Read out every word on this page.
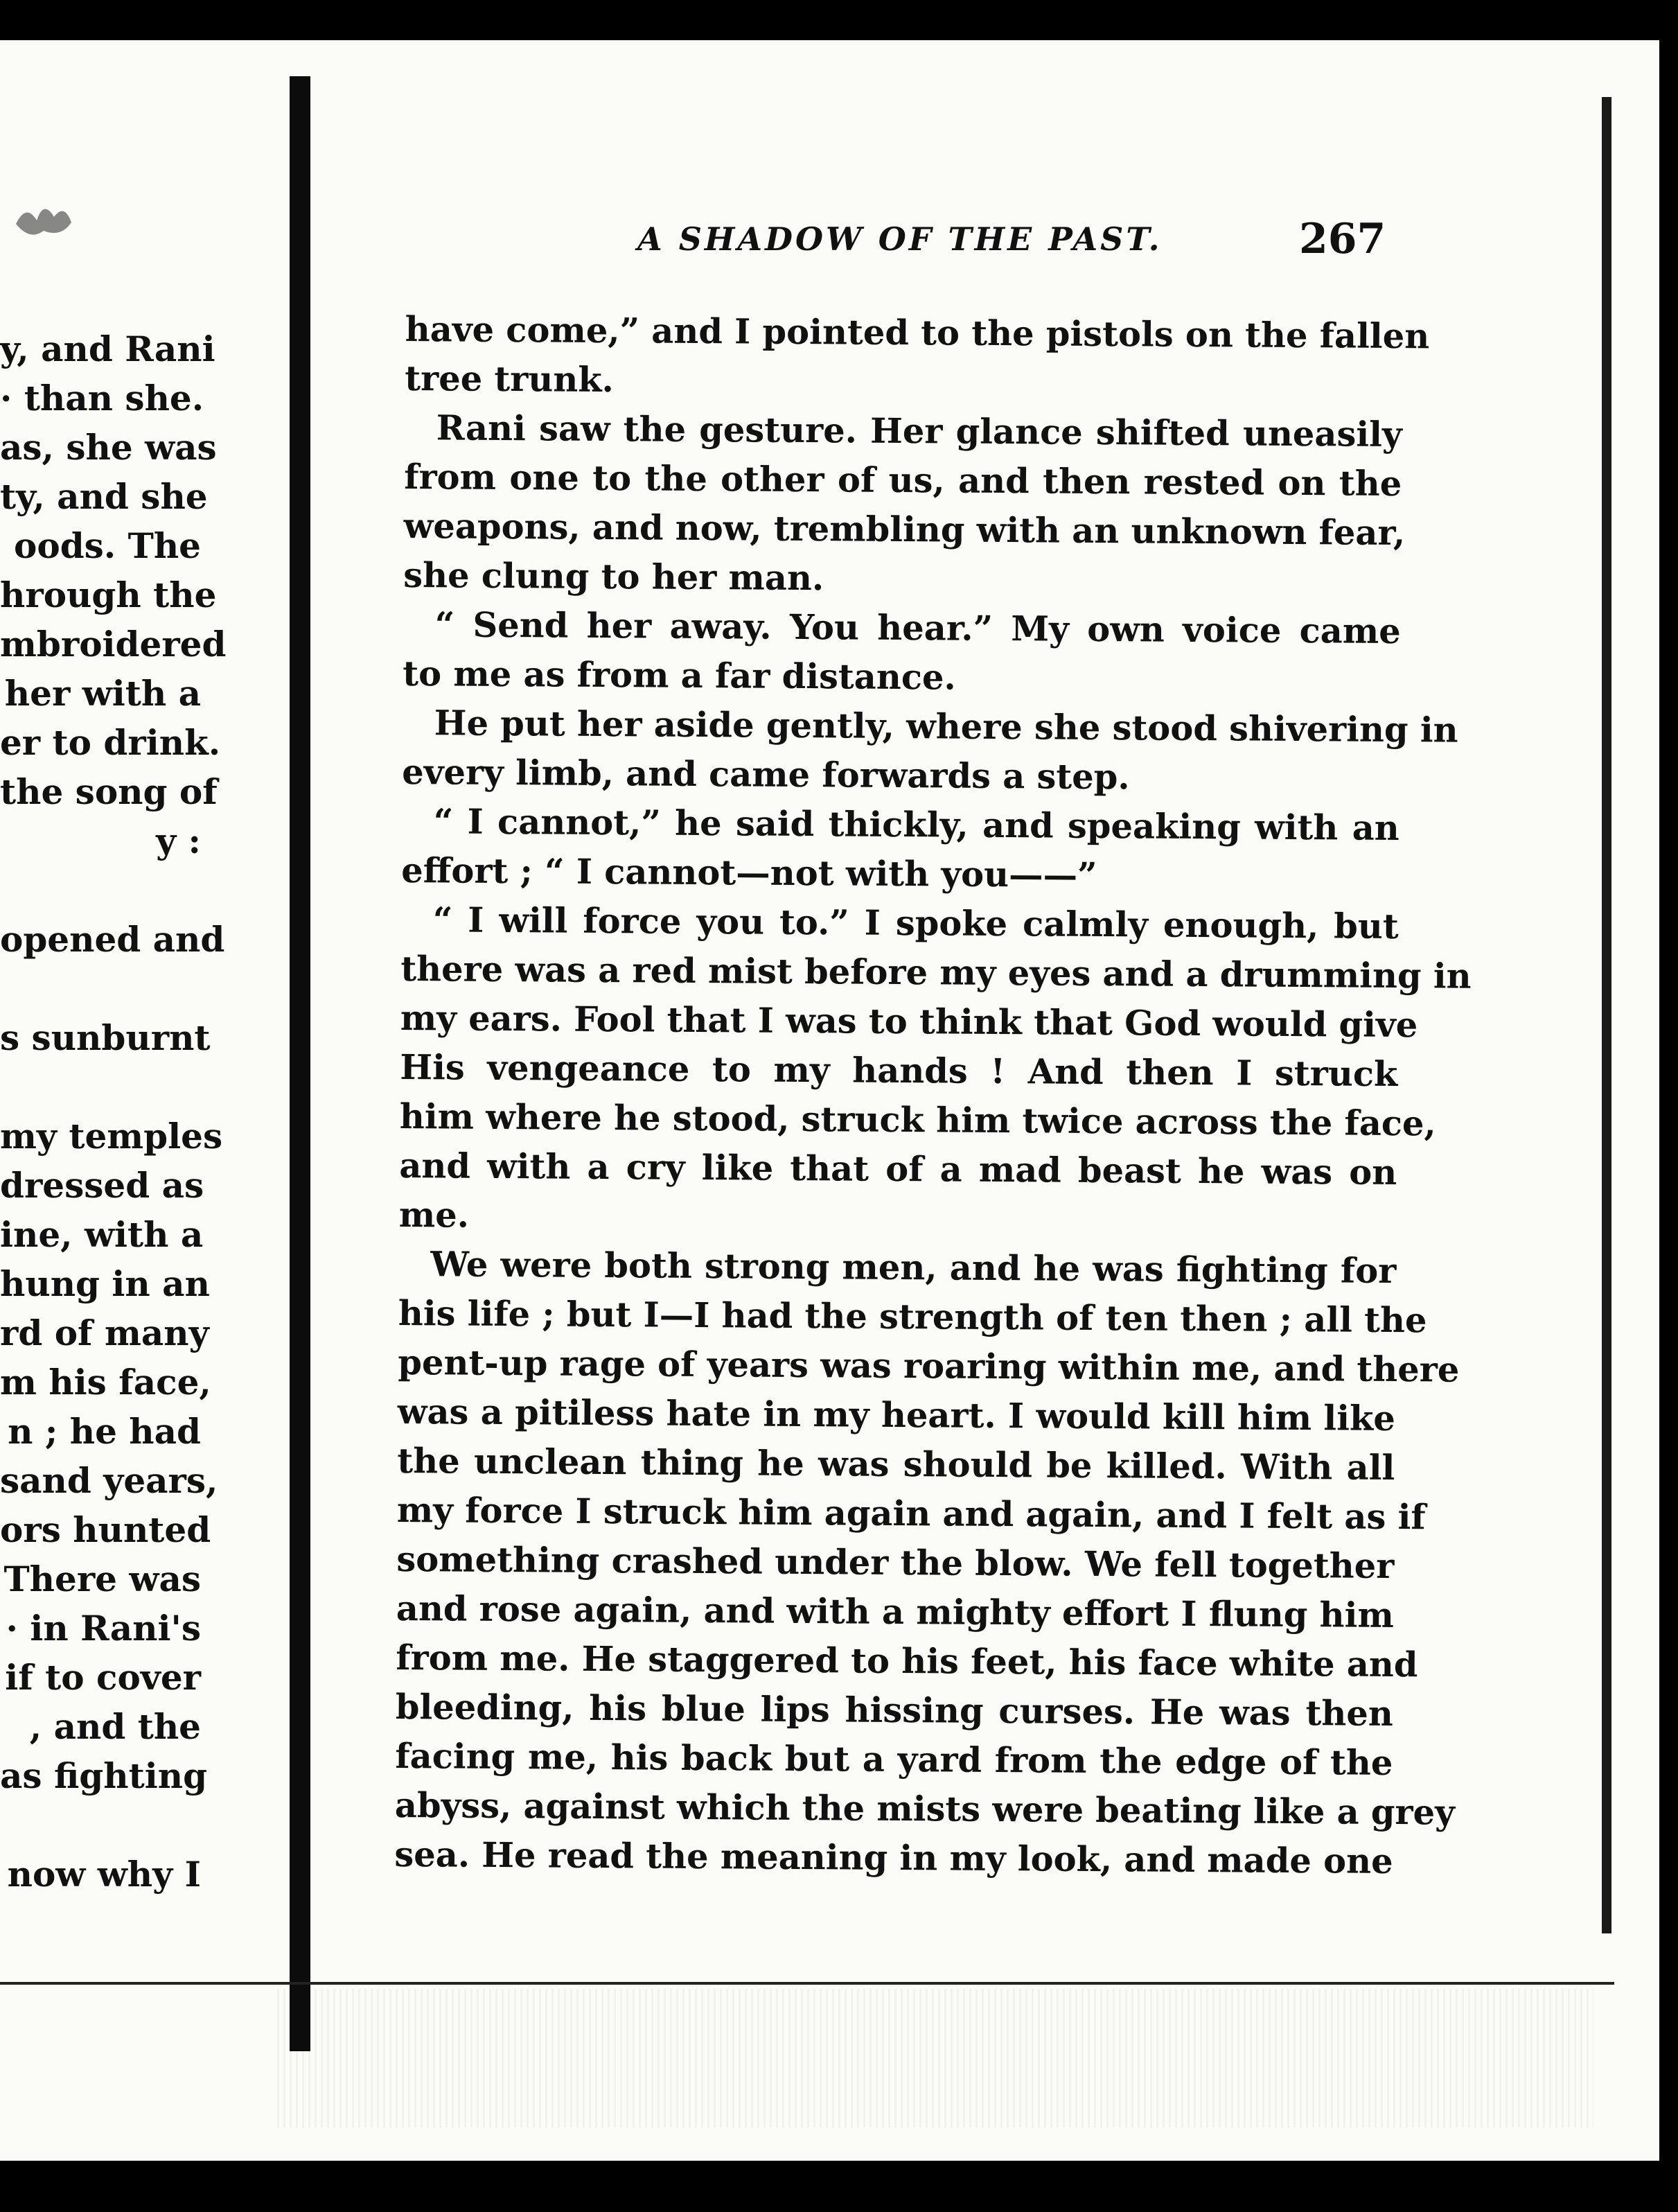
y, and Rani
· than she.
as, she was
ty, and she
oods. The
hrough the
mbroidered
her with a
er to drink.
the song of
y :
opened and
s sunburnt
my temples
dressed as
ine, with a
hung in an
rd of many
m his face,
n ; he had
sand years,
ors hunted
There was
· in Rani's
if to cover
, and the
as fighting
now why I
A SHADOW OF THE PAST.	267
have come,” and I pointed to the pistols on the fallen
tree trunk.
Rani saw the gesture. Her glance shifted uneasily
from one to the other of us, and then rested on the
weapons, and now, trembling with an unknown fear,
she clung to her man.
“ Send her away. You hear.” My own voice came
to me as from a far distance.
He put her aside gently, where she stood shivering in
every limb, and came forwards a step.
“ I cannot,” he said thickly, and speaking with an
effort ; “ I cannot—not with you——”
“ I will force you to.” I spoke calmly enough, but
there was a red mist before my eyes and a drumming in
my ears. Fool that I was to think that God would give
His vengeance to my hands ! And then I struck
him where he stood, struck him twice across the face,
and with a cry like that of a mad beast he was on
me.
We were both strong men, and he was fighting for
his life ; but I—I had the strength of ten then ; all the
pent-up rage of years was roaring within me, and there
was a pitiless hate in my heart. I would kill him like
the unclean thing he was should be killed. With all
my force I struck him again and again, and I felt as if
something crashed under the blow. We fell together
and rose again, and with a mighty effort I flung him
from me. He staggered to his feet, his face white and
bleeding, his blue lips hissing curses. He was then
facing me, his back but a yard from the edge of the
abyss, against which the mists were beating like a grey
sea. He read the meaning in my look, and made one
